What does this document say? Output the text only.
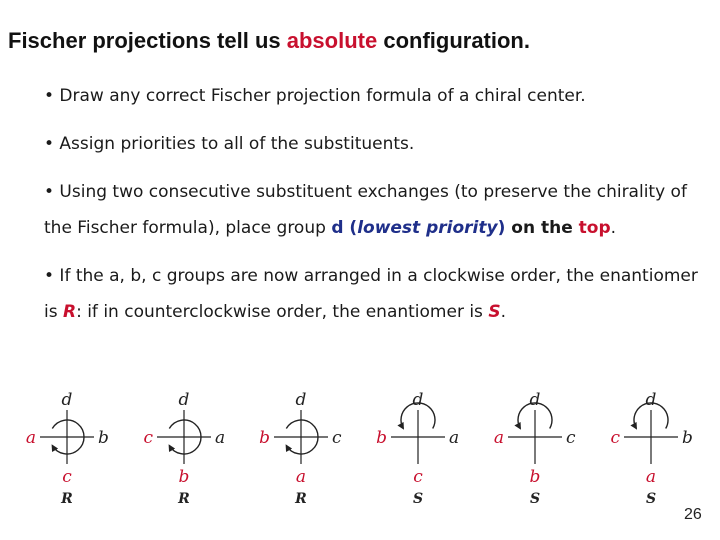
Fischer projections tell us absolute configuration.

• Draw any correct Fischer projection formula of a chiral center.

• Assign priorities to all of the substituents.

• Using two consecutive substituent exchanges (to preserve the chirality of the Fischer formula), place group d (lowest priority) on the top.

• If the a, b, c groups are now arranged in a clockwise order, the enantiomer is R: if in counterclockwise order, the enantiomer is S.

d
a	b
c
R
d
c	a
b
R
d
b	c
a
R
d
b	a
c
S
d
a	c
b
S
d
c	b
a
S
26
